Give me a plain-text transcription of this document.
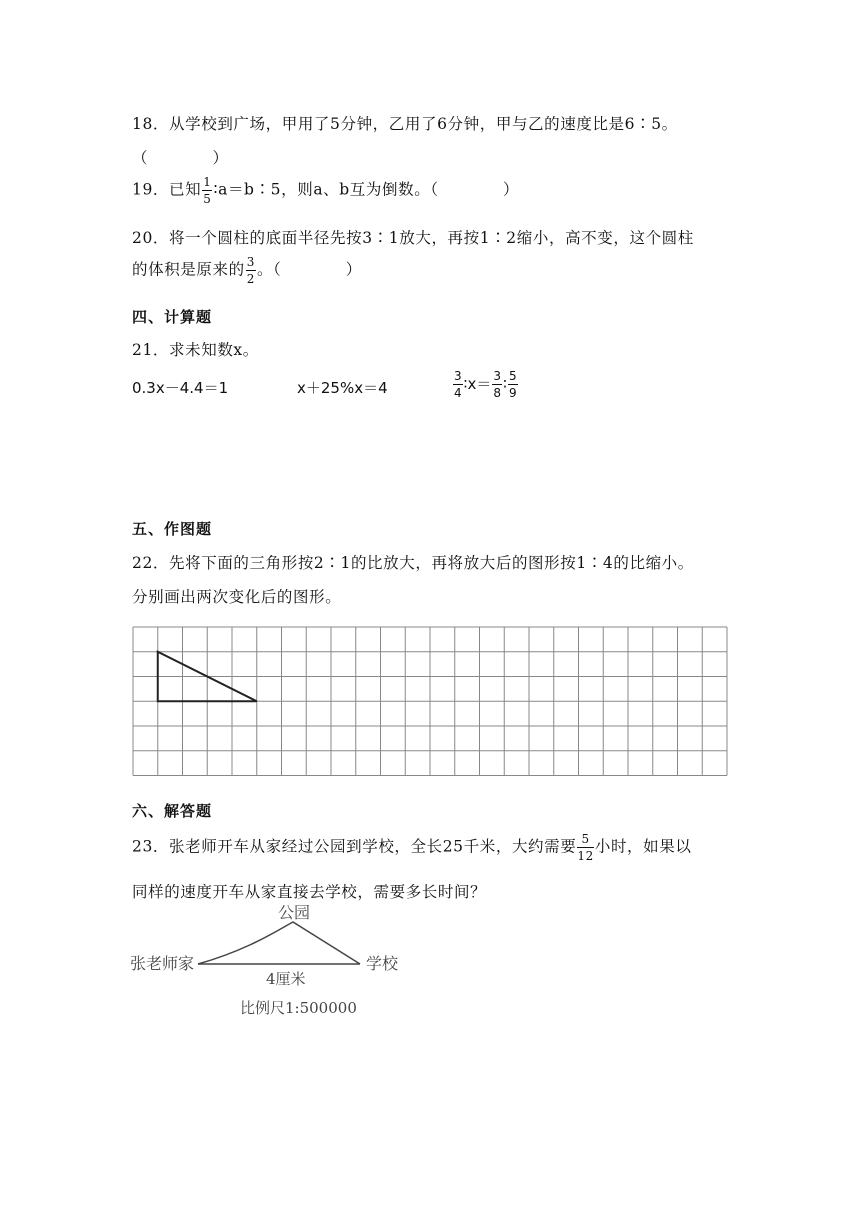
18．从学校到广场，甲用了5分钟，乙用了6分钟，甲与乙的速度比是6∶5。
（　　　　）
19．已知 $\frac{1}{5}$ ∶a＝b∶5，则a、b互为倒数。（　　　　）
20．将一个圆柱的底面半径先按3∶1放大，再按1∶2缩小，高不变，这个圆柱
的体积是原来的 $\frac{3}{2}$ 。（　　　　）
四、计算题
21．求未知数x。
0.3x－4.4＝1	x＋25%x＝4	$\frac{3}{4}$ ∶x＝ $\frac{3}{8}$ ∶ $\frac{5}{9}$
五、作图题
22．先将下面的三角形按2∶1的比放大，再将放大后的图形按1∶4的比缩小。
分别画出两次变化后的图形。
六、解答题
23．张老师开车从家经过公园到学校，全长25千米，大约需要 $\frac{5}{12}$ 小时，如果以
同样的速度开车从家直接去学校，需要多长时间？
公园
张老师家	学校
4厘米
比例尺1:500000
